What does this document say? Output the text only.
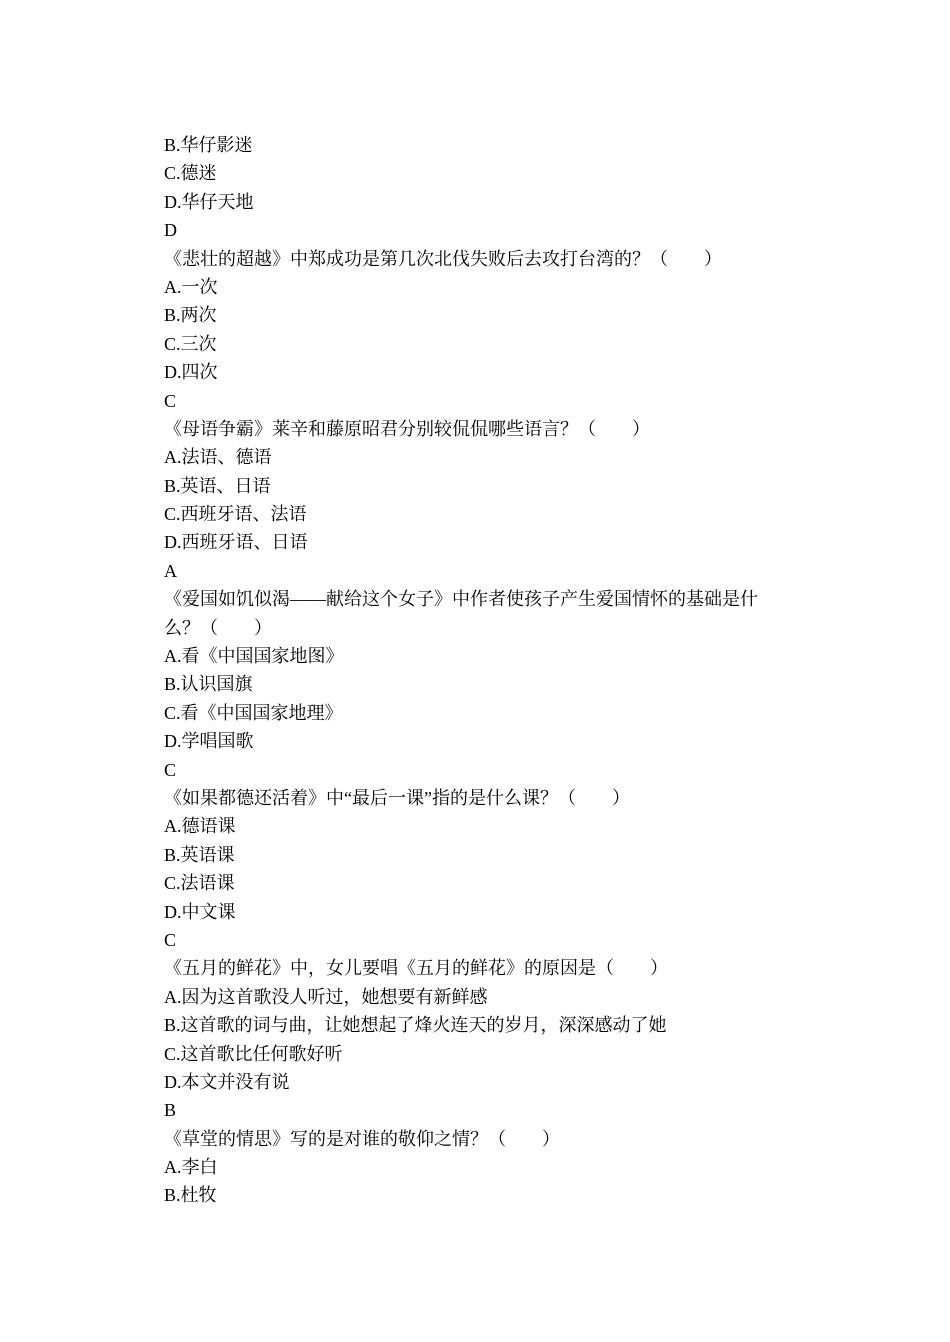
B.华仔影迷
C.德迷
D.华仔天地
D
《悲壮的超越》中郑成功是第几次北伐失败后去攻打台湾的？（　　）
A.一次
B.两次
C.三次
D.四次
C
《母语争霸》莱辛和藤原昭君分别较侃侃哪些语言？（　　）
A.法语、德语
B.英语、日语
C.西班牙语、法语
D.西班牙语、日语
A
《爱国如饥似渴——献给这个女子》中作者使孩子产生爱国情怀的基础是什
么？（　　）
A.看《中国国家地图》
B.认识国旗
C.看《中国国家地理》
D.学唱国歌
C
《如果都德还活着》中“最后一课”指的是什么课？（　　）
A.德语课
B.英语课
C.法语课
D.中文课
C
《五月的鲜花》中，女儿要唱《五月的鲜花》的原因是（　　）
A.因为这首歌没人听过，她想要有新鲜感
B.这首歌的词与曲，让她想起了烽火连天的岁月，深深感动了她
C.这首歌比任何歌好听
D.本文并没有说
B
《草堂的情思》写的是对谁的敬仰之情？（　　）
A.李白
B.杜牧
